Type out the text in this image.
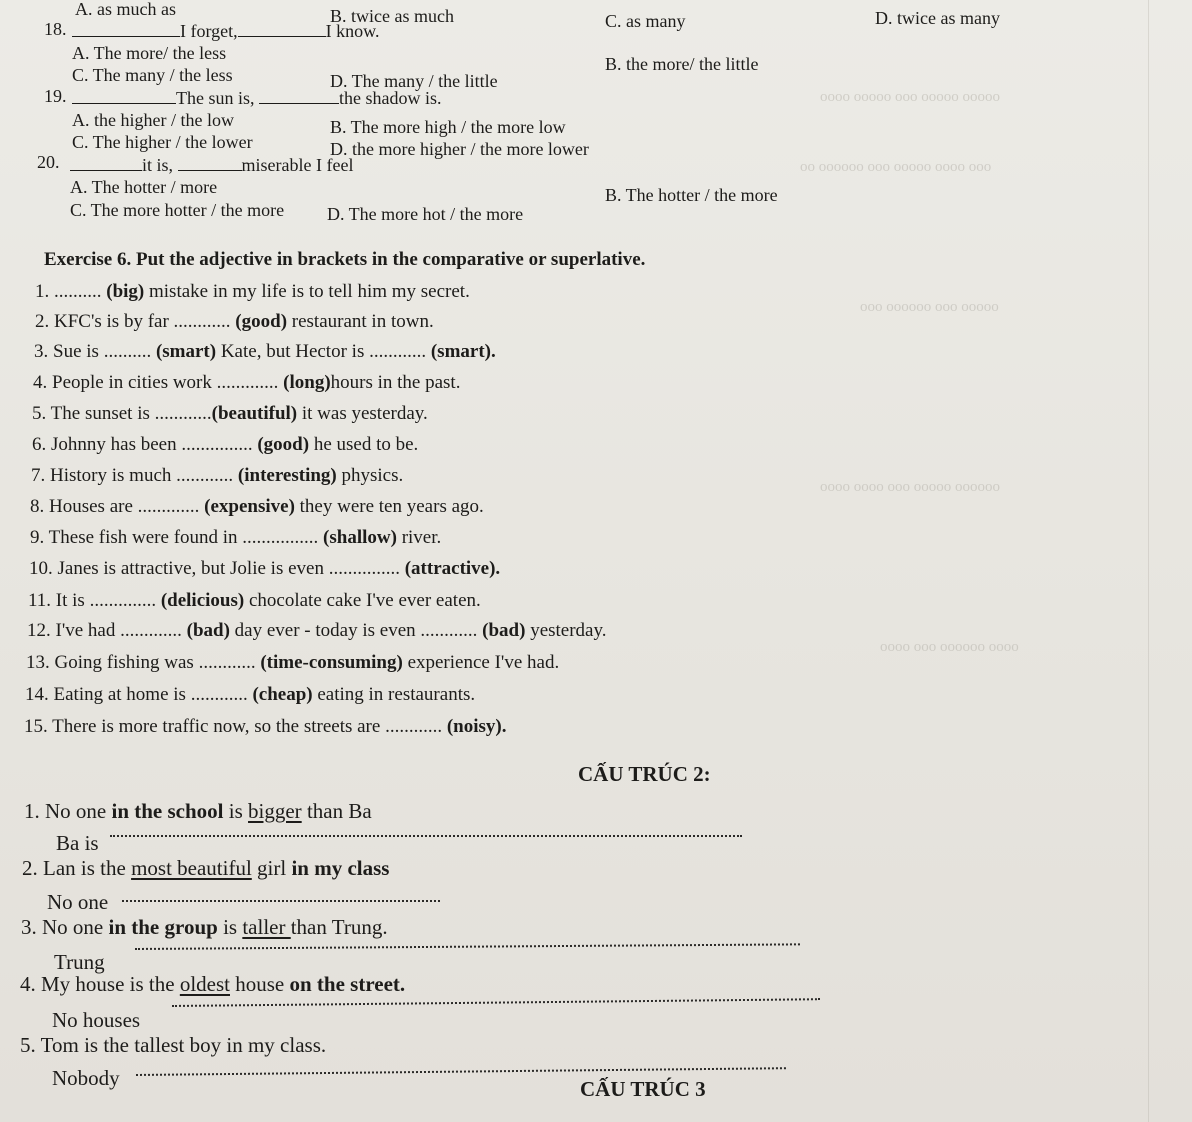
ooooo ooooo ooo ooooo oooo
ooo oooo ooooo ooo oooooo oo
ooooo ooo oooooo ooo
oooooo ooooo ooo oooo oooo
oooo oooooo ooo oooo
A. as much as	B. twice as much	C. as many	D. twice as many
18.	I forget,	I know.
A. The more/ the less
B. the more/ the little
C. The many / the less	D. The many / the little
19.	The sun is,	the shadow is.
A. the higher / the low	B. The more high / the more low
C. The higher / the lower	D. the more higher / the more lower
20.	it is,	miserable I feel
A. The hotter / more	B. The hotter / the more
C. The more hotter / the more D. The more hot / the more
Exercise 6. Put the adjective in brackets in the comparative or superlative.
1. .......... (big) mistake in my life is to tell him my secret.
2. KFC's is by far ............ (good) restaurant in town.
3. Sue is .......... (smart) Kate, but Hector is ............ (smart).
4. People in cities work ............. (long)hours in the past.
5. The sunset is ............(beautiful) it was yesterday.
6. Johnny has been ............... (good) he used to be.
7. History is much ............ (interesting) physics.
8. Houses are ............. (expensive) they were ten years ago.
9. These fish were found in ................ (shallow) river.
10. Janes is attractive, but Jolie is even ............... (attractive).
11. It is .............. (delicious) chocolate cake I've ever eaten.
12. I've had ............. (bad) day ever - today is even ............ (bad) yesterday.
13. Going fishing was ............ (time-consuming) experience I've had.
14. Eating at home is ............ (cheap) eating in restaurants.
15. There is more traffic now, so the streets are ............ (noisy).
CẤU TRÚC 2:
1. No one in the school is bigger than Ba
Ba is
2. Lan is the most beautiful girl in my class
No one
3. No one in the group is taller than Trung.
Trung
4. My house is the oldest house on the street.
No houses
5. Tom is the tallest boy in my class.
Nobody	CẤU TRÚC 3
